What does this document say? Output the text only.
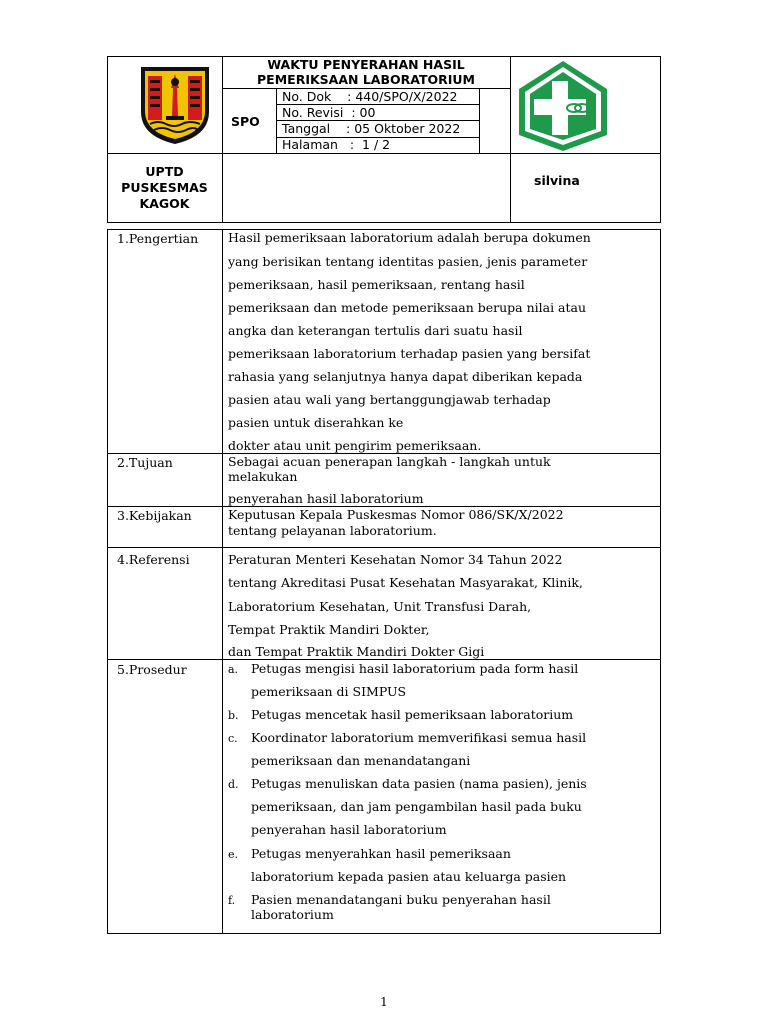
WAKTU PENYERAHAN HASIL
PEMERIKSAAN LABORATORIUM
SPO
No. Dok    : 440/SPO/X/2022
No. Revisi  : 00
Tanggal    : 05 Oktober 2022
Halaman   :  1 / 2
UPTD
PUSKESMAS
KAGOK
silvina
1.Pengertian Hasil pemeriksaan laboratorium adalah berupa dokumen
yang berisikan tentang identitas pasien, jenis parameter
pemeriksaan, hasil pemeriksaan, rentang hasil
pemeriksaan dan metode pemeriksaan berupa nilai atau
angka dan keterangan tertulis dari suatu hasil
pemeriksaan laboratorium terhadap pasien yang bersifat
rahasia yang selanjutnya hanya dapat diberikan kepada
pasien atau wali yang bertanggungjawab terhadap
pasien untuk diserahkan ke
dokter atau unit pengirim pemeriksaan.
2.Tujuan	Sebagai acuan penerapan langkah - langkah untuk
melakukan
penyerahan hasil laboratorium
3.Kebijakan	Keputusan Kepala Puskesmas Nomor 086/SK/X/2022
tentang pelayanan laboratorium.
4.Referensi	Peraturan Menteri Kesehatan Nomor 34 Tahun 2022
tentang Akreditasi Pusat Kesehatan Masyarakat, Klinik,
Laboratorium Kesehatan, Unit Transfusi Darah,
Tempat Praktik Mandiri Dokter,
dan Tempat Praktik Mandiri Dokter Gigi
5.Prosedur	a. Petugas mengisi hasil laboratorium pada form hasil
pemeriksaan di SIMPUS
b. Petugas mencetak hasil pemeriksaan laboratorium
c. Koordinator laboratorium memverifikasi semua hasil
pemeriksaan dan menandatangani
d. Petugas menuliskan data pasien (nama pasien), jenis
pemeriksaan, dan jam pengambilan hasil pada buku
penyerahan hasil laboratorium
e. Petugas menyerahkan hasil pemeriksaan
laboratorium kepada pasien atau keluarga pasien
f. Pasien menandatangani buku penyerahan hasil
laboratorium
1
